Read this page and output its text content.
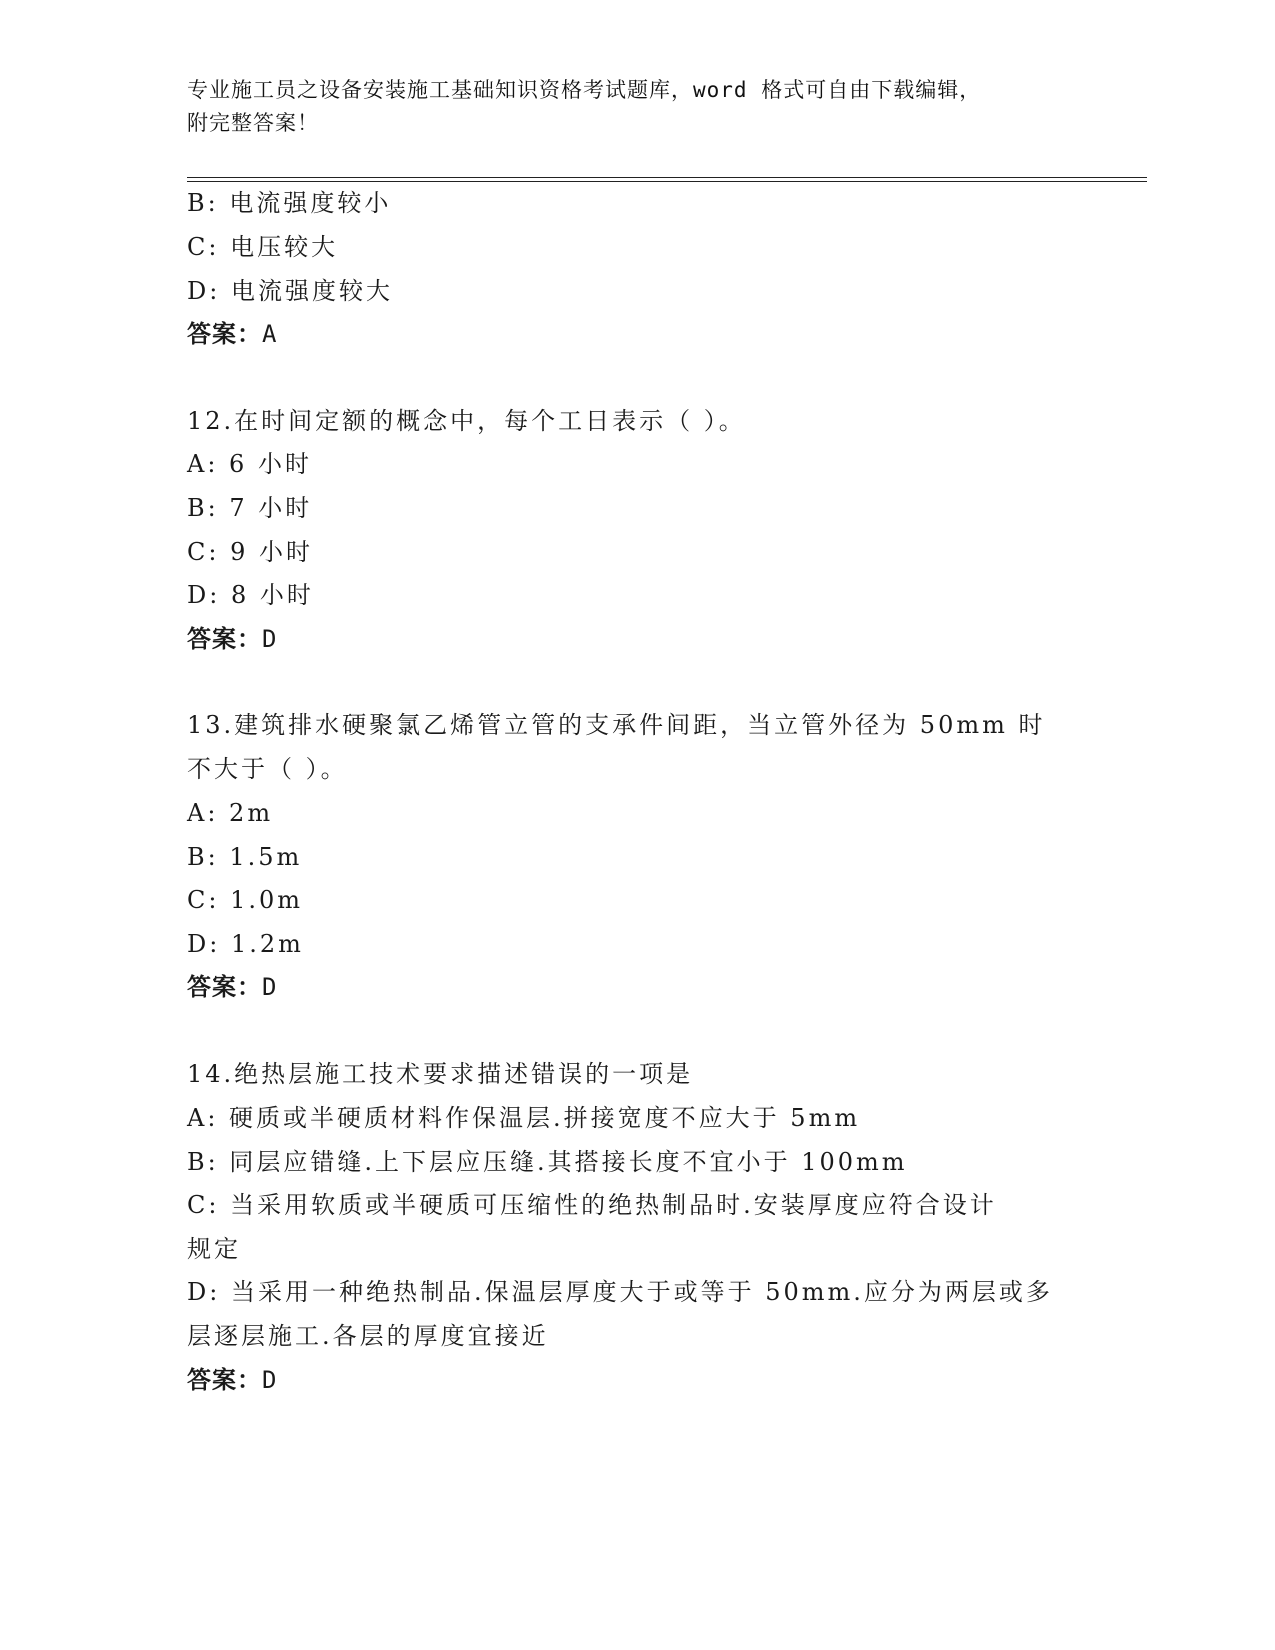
专业施工员之设备安装施工基础知识资格考试题库，word 格式可自由下载编辑，
附完整答案！
B: 电流强度较小
C: 电压较大
D: 电流强度较大
答案：A
12.在时间定额的概念中，每个工日表示（ ）。
A: 6 小时
B: 7 小时
C: 9 小时
D: 8 小时
答案：D
13.建筑排水硬聚氯乙烯管立管的支承件间距，当立管外径为 50mm 时
不大于（ ）。
A: 2m
B: 1.5m
C: 1.0m
D: 1.2m
答案：D
14.绝热层施工技术要求描述错误的一项是
A: 硬质或半硬质材料作保温层.拼接宽度不应大于 5mm
B: 同层应错缝.上下层应压缝.其搭接长度不宜小于 100mm
C: 当采用软质或半硬质可压缩性的绝热制品时.安装厚度应符合设计
规定
D: 当采用一种绝热制品.保温层厚度大于或等于 50mm.应分为两层或多
层逐层施工.各层的厚度宜接近
答案：D
